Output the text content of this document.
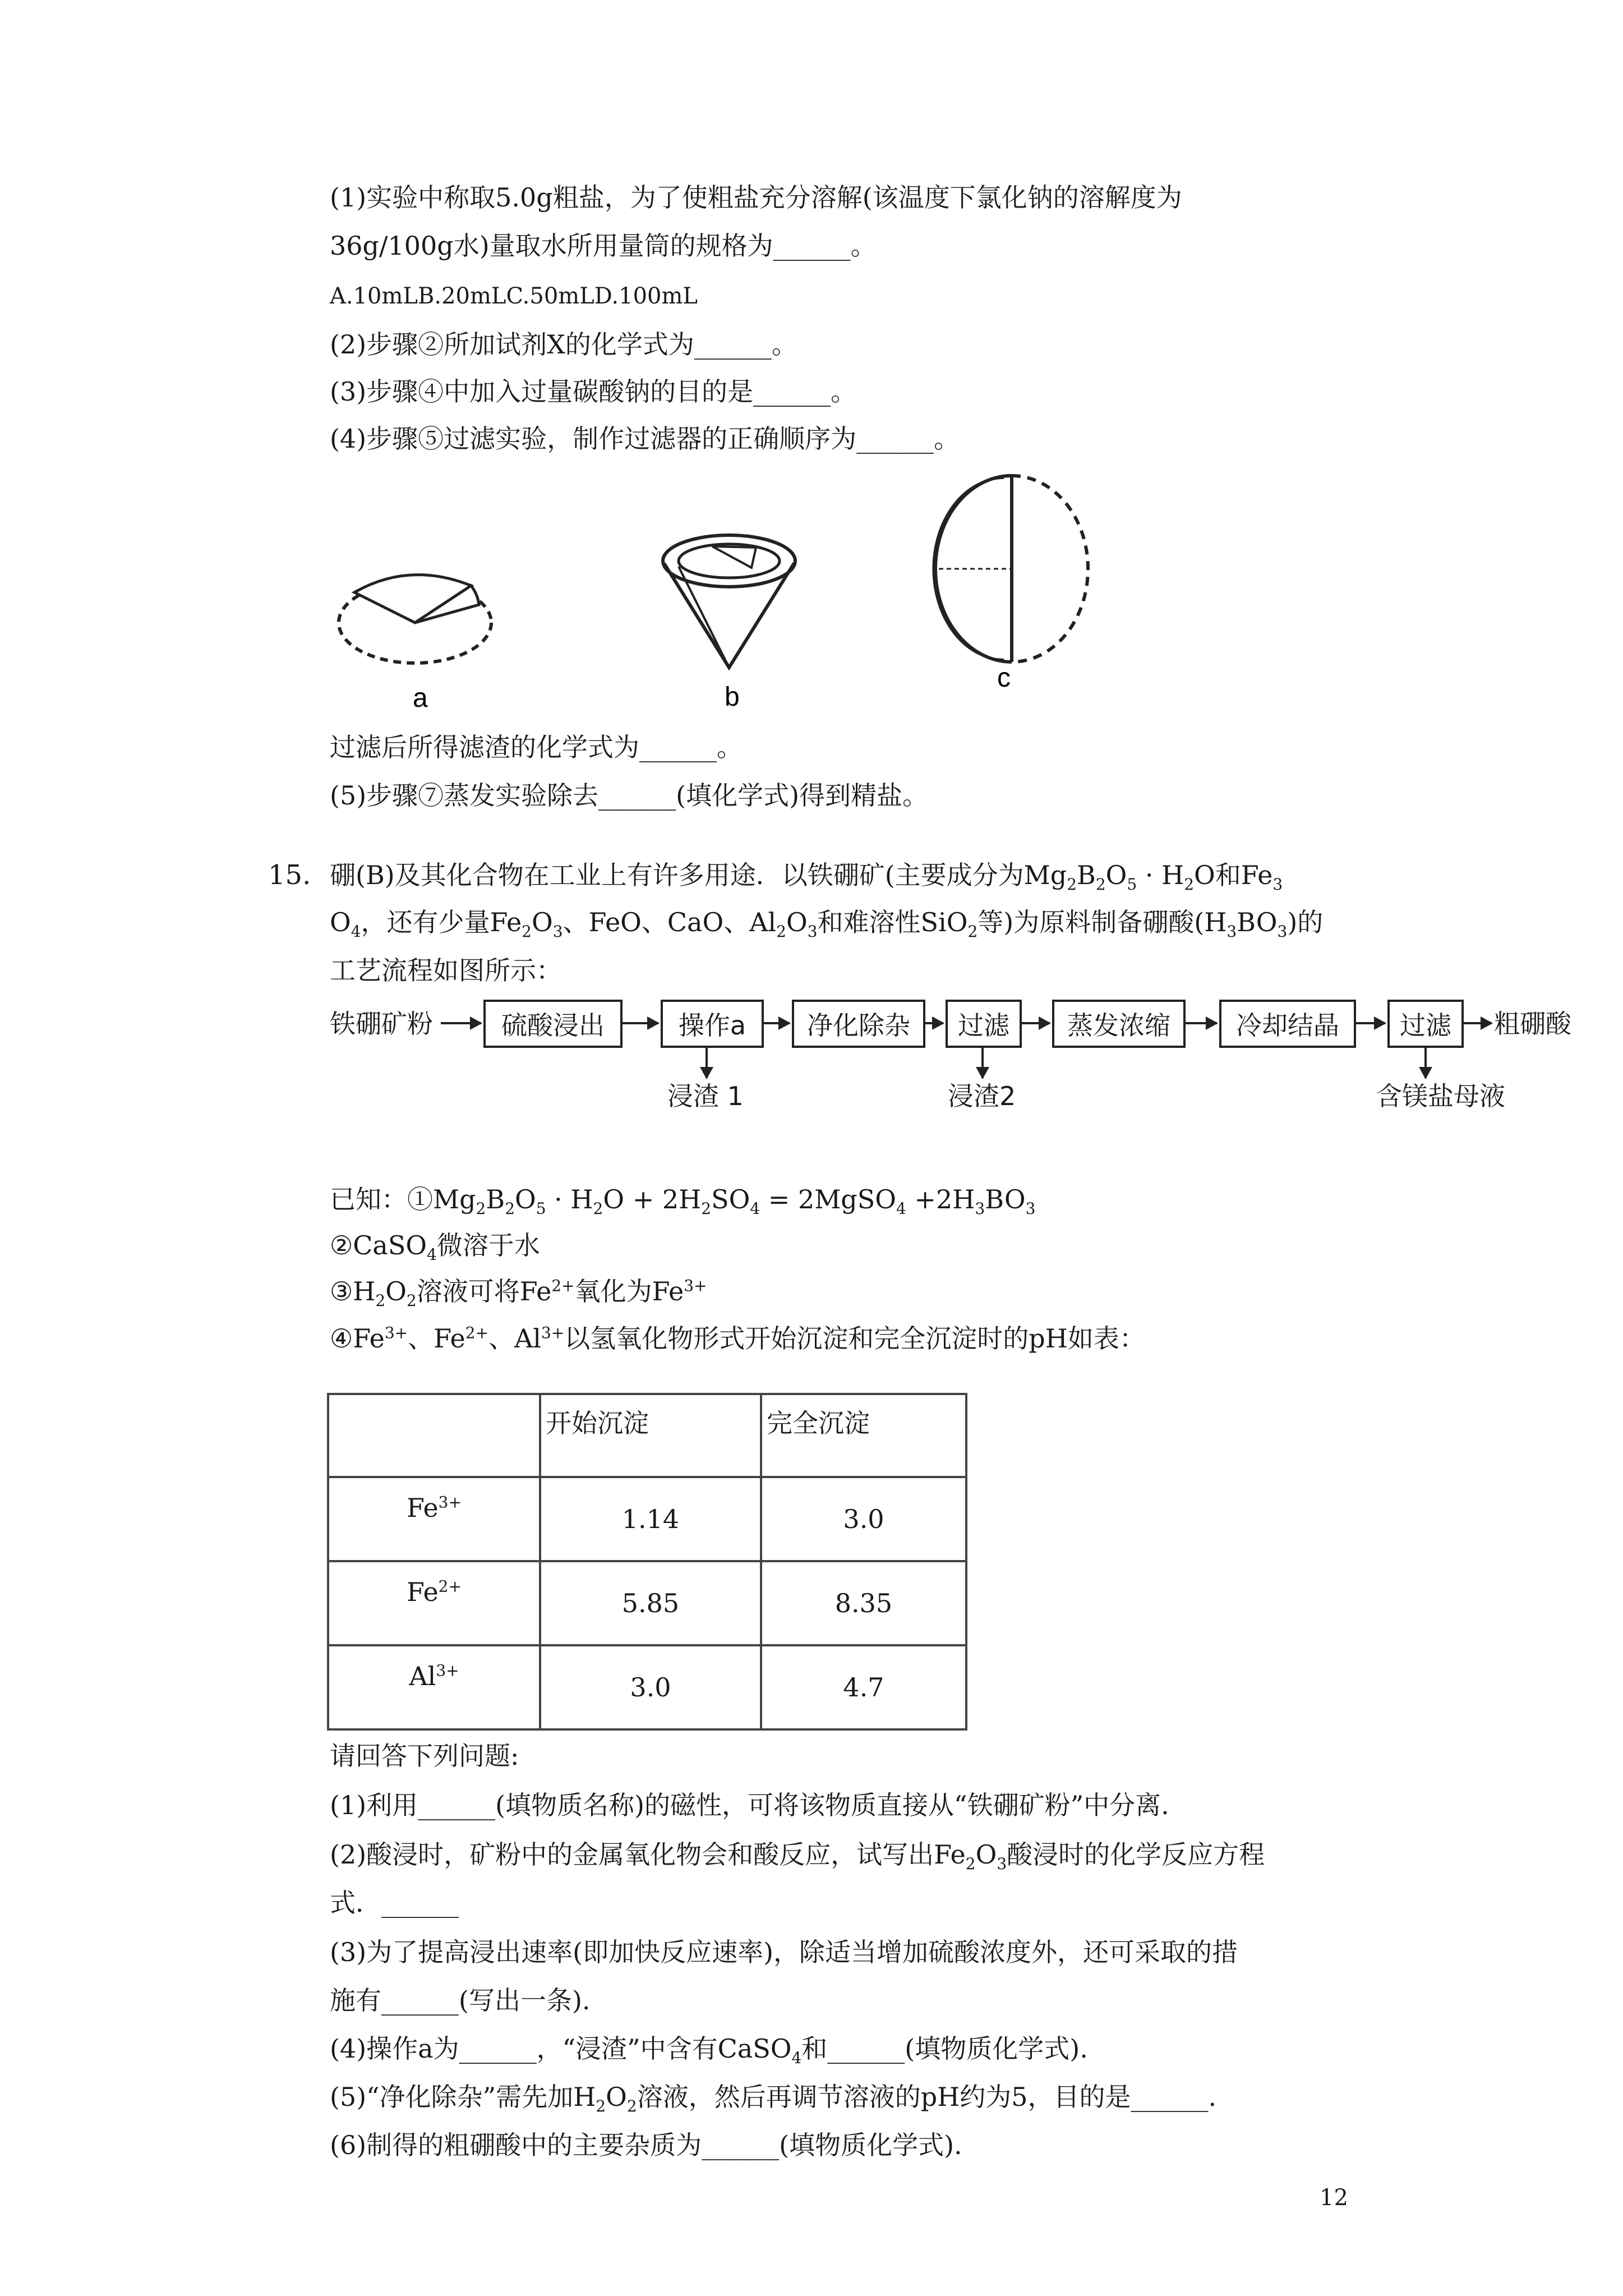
(1)实验中称取5.0g粗盐，为了使粗盐充分溶解(该温度下氯化钠的溶解度为
36g/100g水)量取水所用量筒的规格为______。
A.10mLB.20mLC.50mLD.100mL
(2)步骤②所加试剂X的化学式为______。
(3)步骤④中加入过量碳酸钠的目的是______。
(4)步骤⑤过滤实验，制作过滤器的正确顺序为______。
a	b
c
过滤后所得滤渣的化学式为______。
(5)步骤⑦蒸发实验除去______(填化学式)得到精盐。
15. 硼(B)及其化合物在工业上有许多用途．以铁硼矿(主要成分为$Mg_2B_2O_5 \cdot H_2O$和$Fe_3$
$O_4$，还有少量$Fe_2O_3$、FeO、CaO、$Al_2O_3$和难溶性SiO$_2$等)为原料制备硼酸$(H_3BO_3)$的
工艺流程如图所示：
铁硼矿粉	硫酸浸出	操作a	净化除杂	过滤	蒸发浓缩	冷却结晶	过滤	粗硼酸
浸渣 1	浸渣2	含镁盐母液
已知：$①Mg_2B_2O_5 \cdot H_2O + 2H_2SO_4$ = 2MgSO$_4$ $+2H_3BO_3$
②CaSO$_4$微溶于水
$③H_2O_2$溶液可将$Fe^{2+}$氧化为$Fe^{3+}$
$④Fe^{3+}$、$Fe^{2+}$、$Al^{3+}$以氢氧化物形式开始沉淀和完全沉淀时的pH如表：
	开始沉淀	完全沉淀
$Fe^{3+}$	1.14	3.0
$Fe^{2+}$	5.85	8.35
$Al^{3+}$	3.0	4.7
请回答下列问题:
(1)利用______(填物质名称)的磁性，可将该物质直接从“铁硼矿粉”中分离.
(2)酸浸时，矿粉中的金属氧化物会和酸反应，试写出$Fe_2O_3$酸浸时的化学反应方程
式．______
(3)为了提高浸出速率(即加快反应速率)，除适当增加硫酸浓度外，还可采取的措
施有______(写出一条).
(4)操作a为______，“浸渣”中含有CaSO$_4$和______(填物质化学式).
(5)“净化除杂”需先加$H_2O_2$溶液，然后再调节溶液的pH约为5，目的是______.
(6)制得的粗硼酸中的主要杂质为______(填物质化学式).
12
